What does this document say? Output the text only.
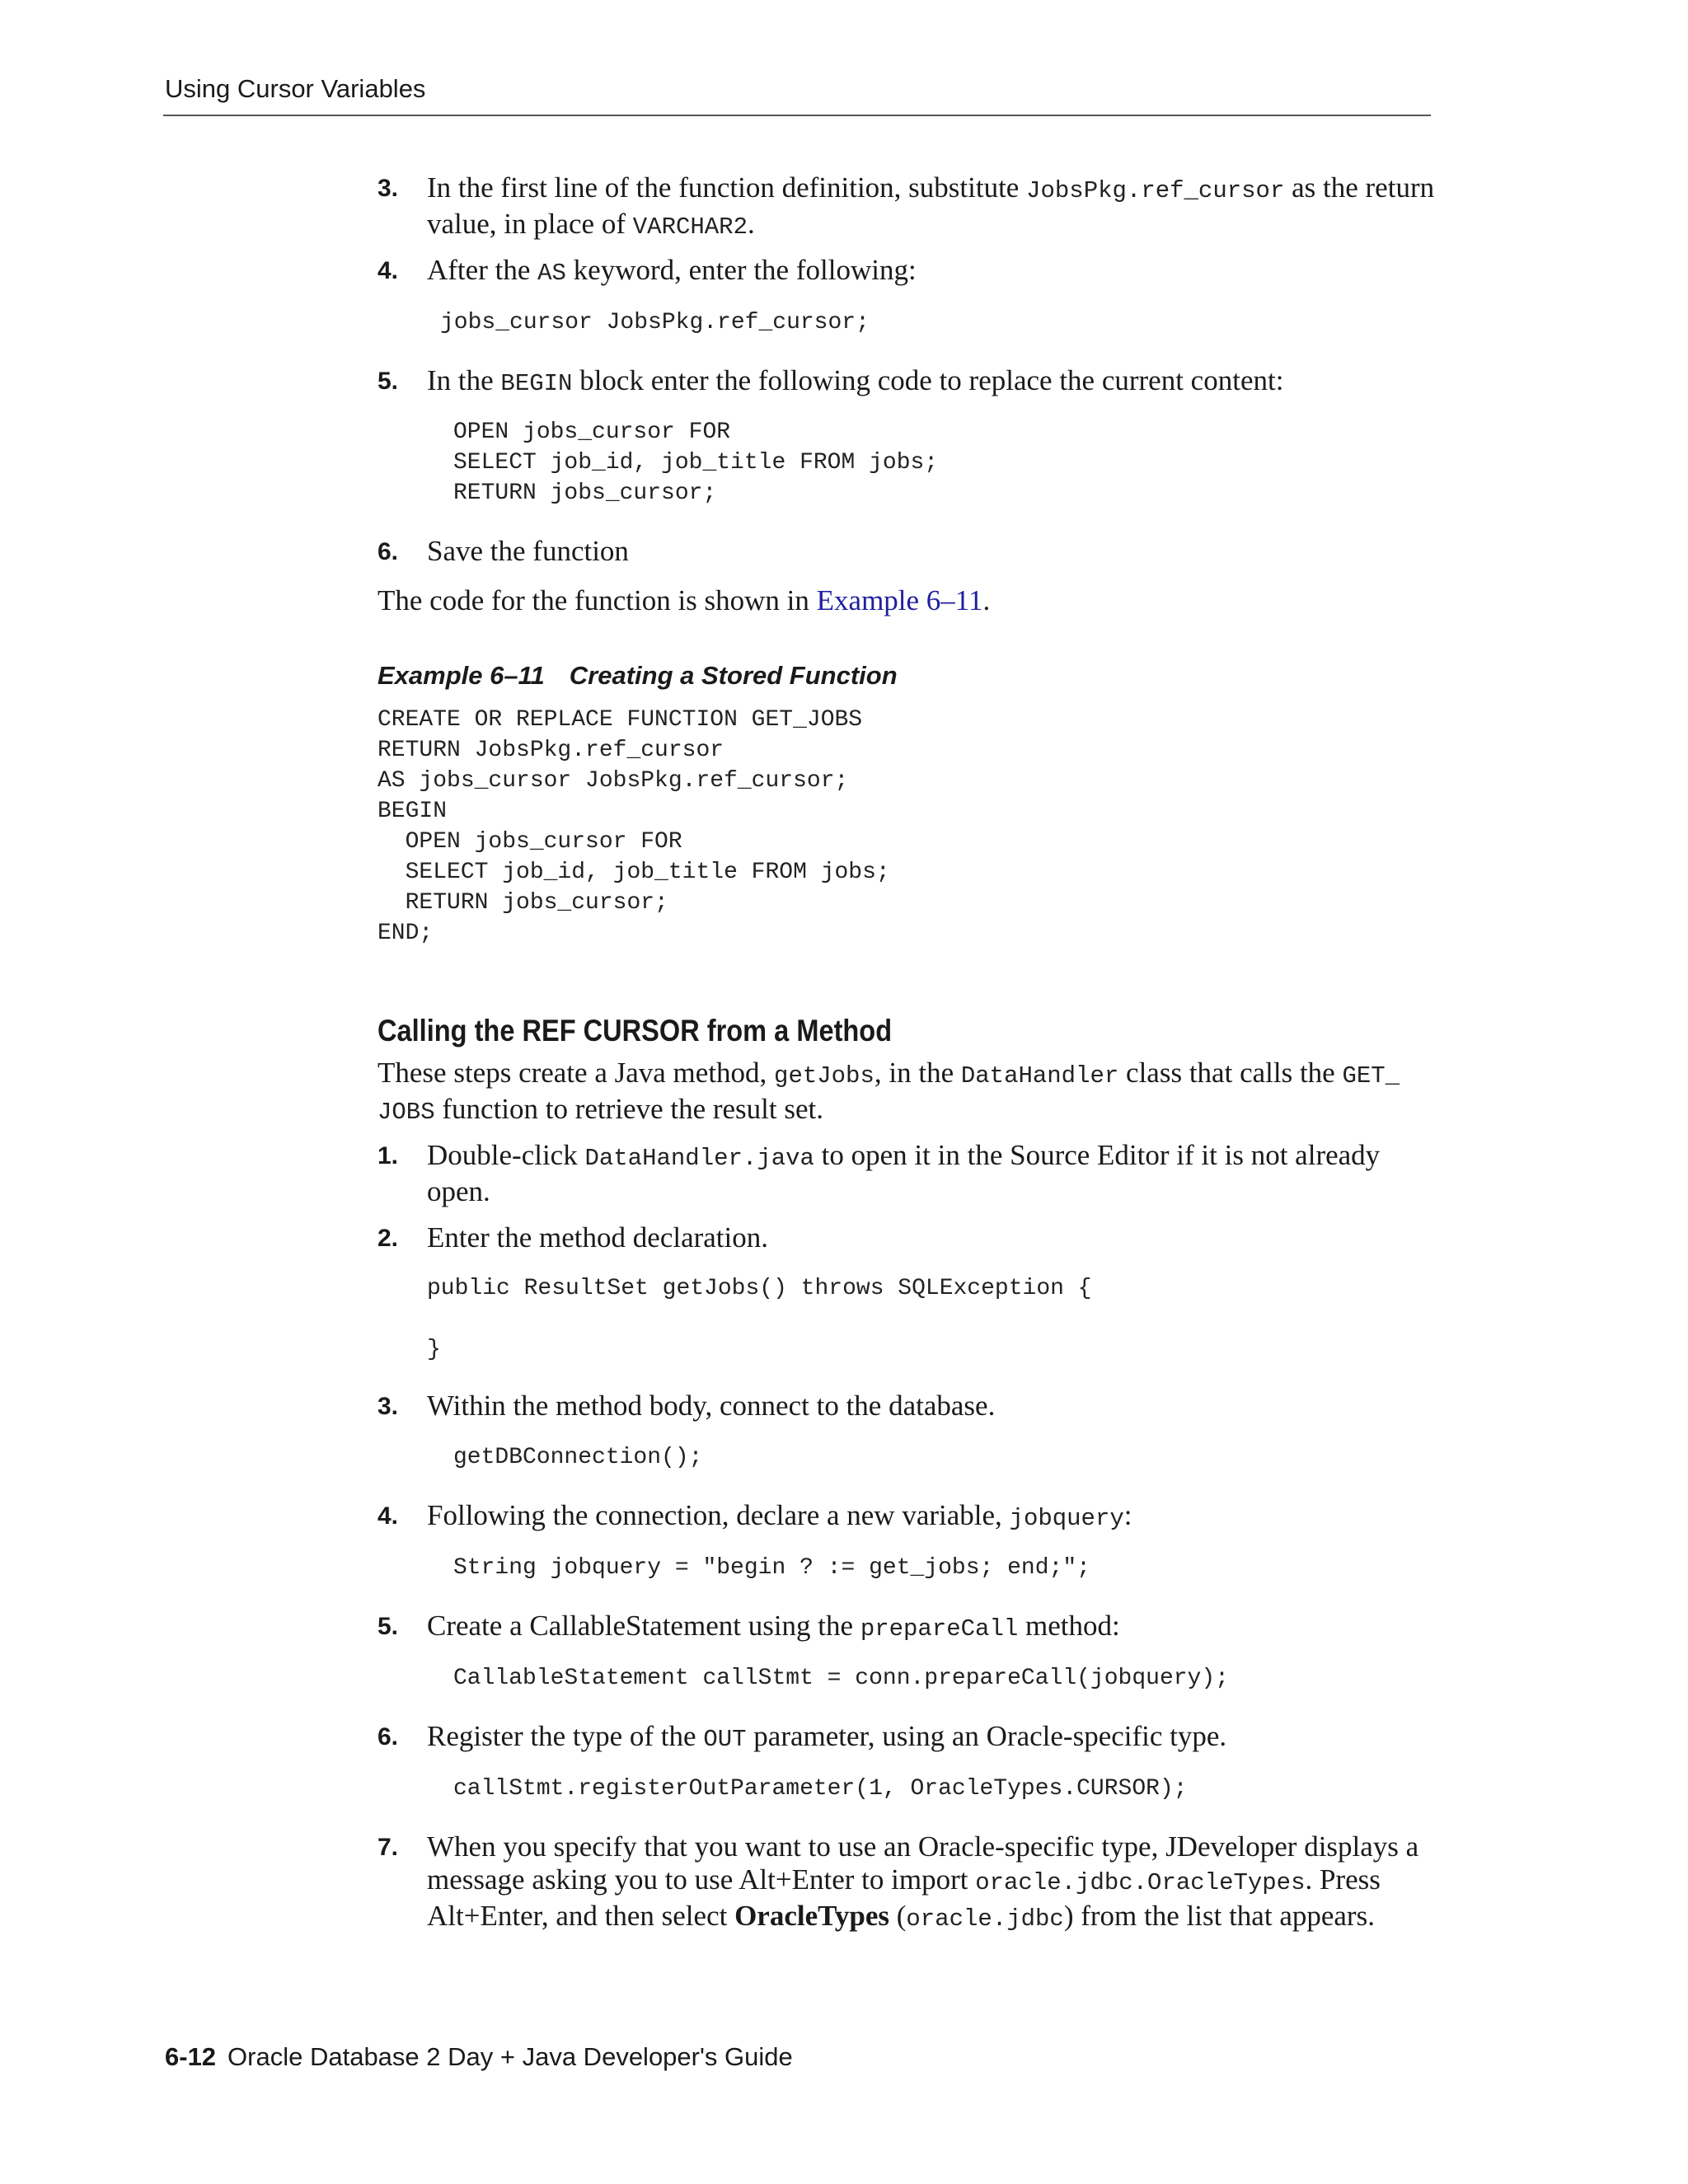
Using Cursor Variables
3. In the first line of the function definition, substitute JobsPkg.ref_cursor as the return value, in place of VARCHAR2.
4. After the AS keyword, enter the following:
jobs_cursor JobsPkg.ref_cursor;
5. In the BEGIN block enter the following code to replace the current content:
OPEN jobs_cursor FOR
SELECT job_id, job_title FROM jobs;
RETURN jobs_cursor;
6. Save the function
The code for the function is shown in Example 6–11.
Example 6–11 Creating a Stored Function
CREATE OR REPLACE FUNCTION GET_JOBS
RETURN JobsPkg.ref_cursor
AS jobs_cursor JobsPkg.ref_cursor;
BEGIN
OPEN jobs_cursor FOR
SELECT job_id, job_title FROM jobs;
RETURN jobs_cursor;
END;
Calling the REF CURSOR from a Method
These steps create a Java method, getJobs, in the DataHandler class that calls the GET_
JOBS function to retrieve the result set.
1. Double-click DataHandler.java to open it in the Source Editor if it is not already open.
2. Enter the method declaration.
public ResultSet getJobs() throws SQLException {

}
3. Within the method body, connect to the database.
getDBConnection();
4. Following the connection, declare a new variable, jobquery:
String jobquery = "begin ? := get_jobs; end;";
5. Create a CallableStatement using the prepareCall method:
CallableStatement callStmt = conn.prepareCall(jobquery);
6. Register the type of the OUT parameter, using an Oracle-specific type.
callStmt.registerOutParameter(1, OracleTypes.CURSOR);
7. When you specify that you want to use an Oracle-specific type, JDeveloper displays a message asking you to use Alt+Enter to import oracle.jdbc.OracleTypes. Press Alt+Enter, and then select OracleTypes (oracle.jdbc) from the list that appears.
6-12 Oracle Database 2 Day + Java Developer's Guide
